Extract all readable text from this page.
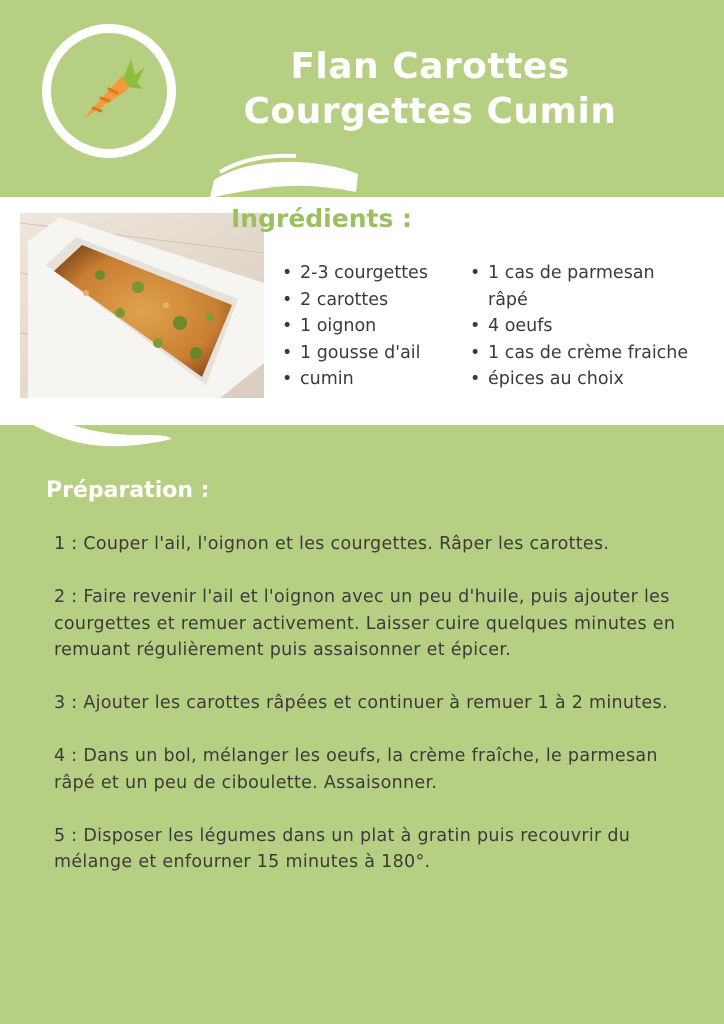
Flan Carottes
Courgettes Cumin
Ingrédients :
• 2-3 courgettes
• 2 carottes
• 1 oignon
• 1 gousse d'ail
• cumin
• 1 cas de parmesan
râpé
• 4 oeufs
• 1 cas de crème fraiche
• épices au choix
Préparation :

1 : Couper l'ail, l'oignon et les courgettes. Râper les carottes.

2 : Faire revenir l'ail et l'oignon avec un peu d'huile, puis ajouter les courgettes et remuer activement. Laisser cuire quelques minutes en remuant régulièrement puis assaisonner et épicer.

3 : Ajouter les carottes râpées et continuer à remuer 1 à 2 minutes.

4 : Dans un bol, mélanger les oeufs, la crème fraîche, le parmesan râpé et un peu de ciboulette. Assaisonner.

5 : Disposer les légumes dans un plat à gratin puis recouvrir du mélange et enfourner 15 minutes à 180°.
